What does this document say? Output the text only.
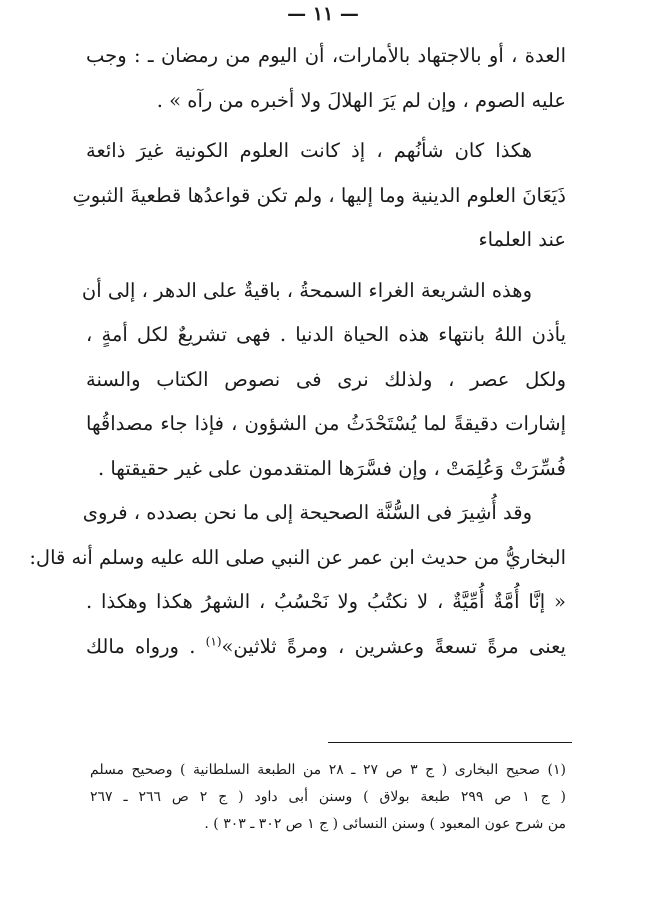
— ١١ —
العدة ، أو بالاجتهاد بالأمارات، أن اليوم من رمضان ـ : وجب
عليه الصوم ، وإن لم يَرَ الهلالَ ولا أخبره من رآه » .
هكذا كان شأنُهم ، إذ كانت العلوم الكونية غيرَ ذائعة
ذَيَعَانَ العلوم الدينية وما إليها ، ولم تكن قواعدُها قطعيةَ الثبوتِ
عند العلماء
وهذه الشريعة الغراء السمحةُ ، باقيةٌ على الدهر ، إلى أن
يأذن اللهُ بانتهاء هذه الحياة الدنيا . فهى تشريعٌ لكل أمةٍ ،
ولكل عصر ، ولذلك نرى فى نصوص الكتاب والسنة
إشارات دقيقةً لما يُسْتَحْدَثُ من الشؤون ، فإذا جاء مصداقُها
فُسِّرَتْ وَعُلِمَتْ ، وإن فسَّرَها المتقدمون على غير حقيقتها .
وقد أُشِيرَ فى السُّنَّة الصحيحة إلى ما نحن بصدده ، فروى
البخاريُّ من حديث ابن عمر عن النبي صلى الله عليه وسلم أنه قال:
« إنَّا أُمَّةٌ أُمِّيَّةٌ ، لا نكتُبُ ولا نَحْسُبُ ، الشهرُ هكذا وهكذا .
يعنى مرةً تسعةً وعشرين ، ومرةً ثلاثين»$^{(١)}$ . ورواه مالك
(١) صحيح البخارى ( ج ٣ ص ٢٧ ـ ٢٨ من الطبعة السلطانية ) وصحيح مسلم
( ج ١ ص ٢٩٩ طبعة بولاق ) وسنن أبى داود ( ج ٢ ص ٢٦٦ ـ ٢٦٧
من شرح عون المعبود ) وسنن النسائى ( ج ١ ص ٣٠٢ ـ ٣٠٣ ) .
